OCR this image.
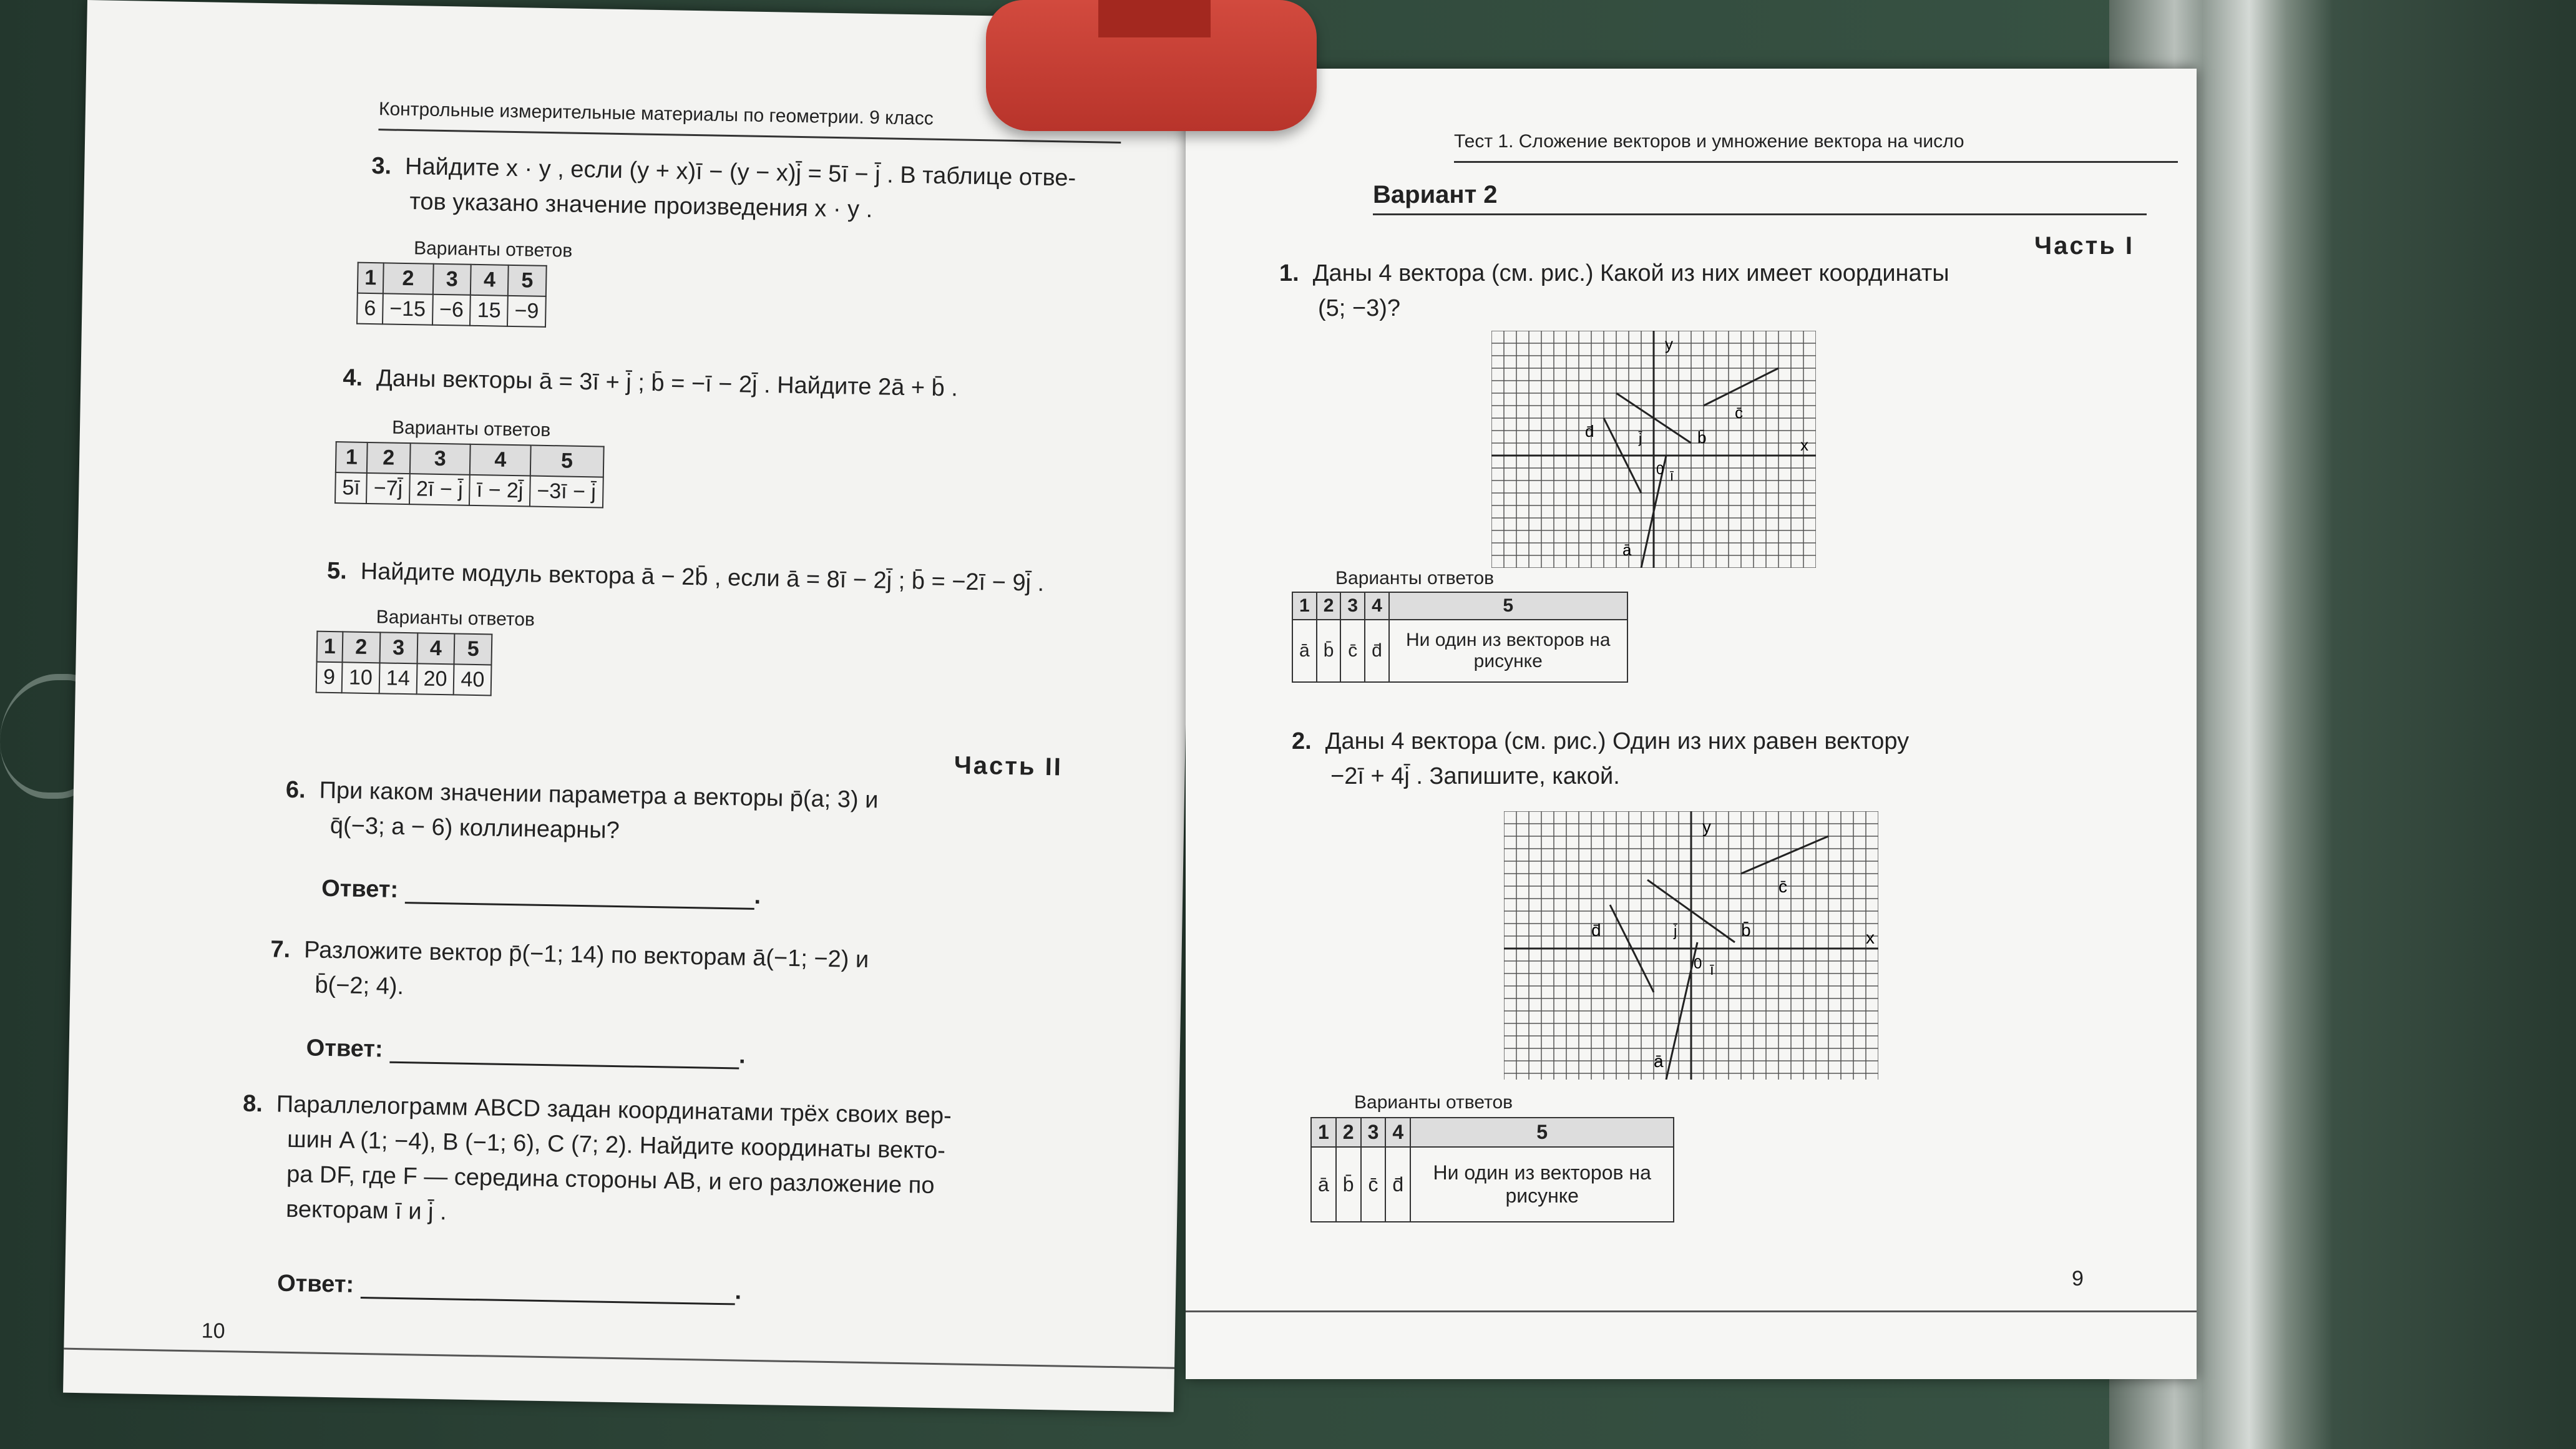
Контрольные измерительные материалы по геометрии. 9 класс
3. Найдите x · y , если (y + x)ī − (y − x)j̄ = 5ī − j̄ . В таблице отве-
тов указано значение произведения x · y .
Варианты ответов
1	2	3	4	5
6	−15	−6	15	−9
4. Даны векторы ā = 3ī + j̄ ; b̄ = −ī − 2j̄ . Найдите 2ā + b̄ .
Варианты ответов
1	2	3	4	5
5ī	−7j̄	2ī − j̄	ī − 2j̄	−3ī − j̄
5. Найдите модуль вектора ā − 2b̄ , если ā = 8ī − 2j̄ ; b̄ = −2ī − 9j̄ .
Варианты ответов
1	2	3	4	5
9	10	14	20	40
Часть II
6. При каком значении параметра a векторы p̄(a; 3) и
q̄(−3; a − 6) коллинеарны?
Ответ:	.
7. Разложите вектор p̄(−1; 14) по векторам ā(−1; −2) и
b̄(−2; 4).
Ответ:	.
8. Параллелограмм ABCD задан координатами трёх своих вер-
шин A (1; −4), B (−1; 6), C (7; 2). Найдите координаты векто-
ра DF, где F — середина стороны AB, и его разложение по
векторам ī и j̄ .
Ответ:	.
10
Тест 1. Сложение векторов и умножение вектора на число
Вариант 2
Часть I
1. Даны 4 вектора (см. рис.) Какой из них имеет координаты
(5; −3)?
y
x
c̄
b̄
d̄
ā
0 ī
j̄
Варианты ответов
1	2	3	4	5
ā	b̄	c̄	d̄	Ни один из векторов на рисунке
2. Даны 4 вектора (см. рис.) Один из них равен вектору
−2ī + 4j̄ . Запишите, какой.
y
x
c̄
b̄
d̄
ā
0 ī
j̄
Варианты ответов
1	2	3	4	5
ā	b̄	c̄	d̄	Ни один из векторов на рисунке
9
